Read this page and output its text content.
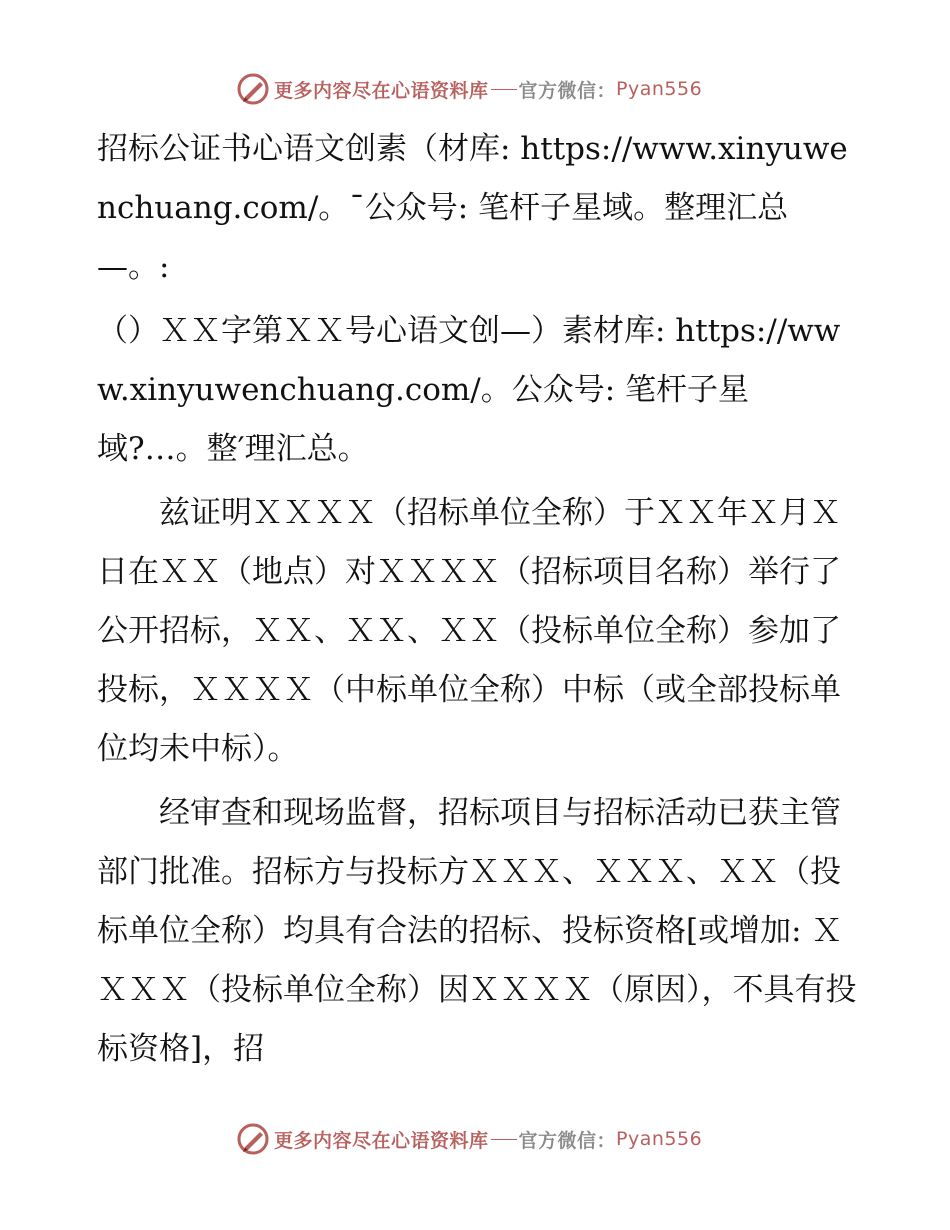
更多内容尽在心语资料库 官方微信： Pyan556

招标公证书心语文创素（材库: https://www.xinyuwenchuang.com/。¯公众号: 笔杆子星域。整理汇总—。:

（）ＸＸ字第ＸＸ号心语文创—）素材库: https://www.xinyuwenchuang.com/。公众号: 笔杆子星域?…。整′理汇总。

兹证明ＸＸＸＸ（招标单位全称）于ＸＸ年Ｘ月Ｘ日在ＸＸ（地点）对ＸＸＸＸ（招标项目名称）举行了公开招标，ＸＸ、ＸＸ、ＸＸ（投标单位全称）参加了投标，ＸＸＸＸ（中标单位全称）中标（或全部投标单位均未中标）。

经审查和现场监督，招标项目与招标活动已获主管部门批准。招标方与投标方ＸＸＸ、ＸＸＸ、ＸＸ（投标单位全称）均具有合法的招标、投标资格[或增加: ＸＸＸＸ（投标单位全称）因ＸＸＸＸ（原因），不具有投标资格]，招

更多内容尽在心语资料库 官方微信： Pyan556
